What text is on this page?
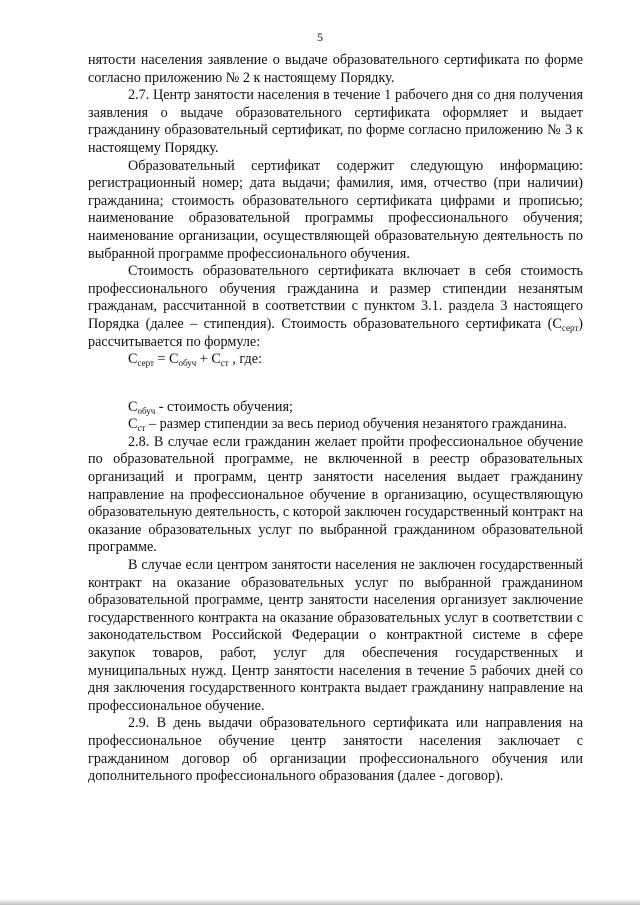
5

нятости населения заявление о выдаче образовательного сертификата по форме согласно приложению № 2 к настоящему Порядку.

2.7. Центр занятости населения в течение 1 рабочего дня со дня получения заявления о выдаче образовательного сертификата оформляет и выдает гражданину образовательный сертификат, по форме согласно приложению № 3 к настоящему Порядку.

Образовательный сертификат содержит следующую информацию: регистрационный номер; дата выдачи; фамилия, имя, отчество (при наличии) гражданина; стоимость образовательного сертификата цифрами и прописью; наименование образовательной программы профессионального обучения; наименование организации, осуществляющей образовательную деятельность по выбранной программе профессионального обучения.

Стоимость образовательного сертификата включает в себя стоимость профессионального обучения гражданина и размер стипендии незанятым гражданам, рассчитанной в соответствии с пунктом 3.1. раздела 3 настоящего Порядка (далее – стипендия). Стоимость образовательного сертификата $(С_{серт})$ рассчитывается по формуле:

$С_{серт} = С_{обуч} + С_{ст}$ , где:

$С_{обуч}$ - стоимость обучения;

$С_{ст}$ – размер стипендии за весь период обучения незанятого гражданина.

2.8. В случае если гражданин желает пройти профессиональное обучение по образовательной программе, не включенной в реестр образовательных организаций и программ, центр занятости населения выдает гражданину направление на профессиональное обучение в организацию, осуществляющую образовательную деятельность, с которой заключен государственный контракт на оказание образовательных услуг по выбранной гражданином образовательной программе.

В случае если центром занятости населения не заключен государственный контракт на оказание образовательных услуг по выбранной гражданином образовательной программе, центр занятости населения организует заключение государственного контракта на оказание образовательных услуг в соответствии с законодательством Российской Федерации о контрактной системе в сфере закупок товаров, работ, услуг для обеспечения государственных и муниципальных нужд. Центр занятости населения в течение 5 рабочих дней со дня заключения государственного контракта выдает гражданину направление на профессиональное обучение.

2.9. В день выдачи образовательного сертификата или направления на профессиональное обучение центр занятости населения заключает с гражданином договор об организации профессионального обучения или дополнительного профессионального образования (далее - договор).
